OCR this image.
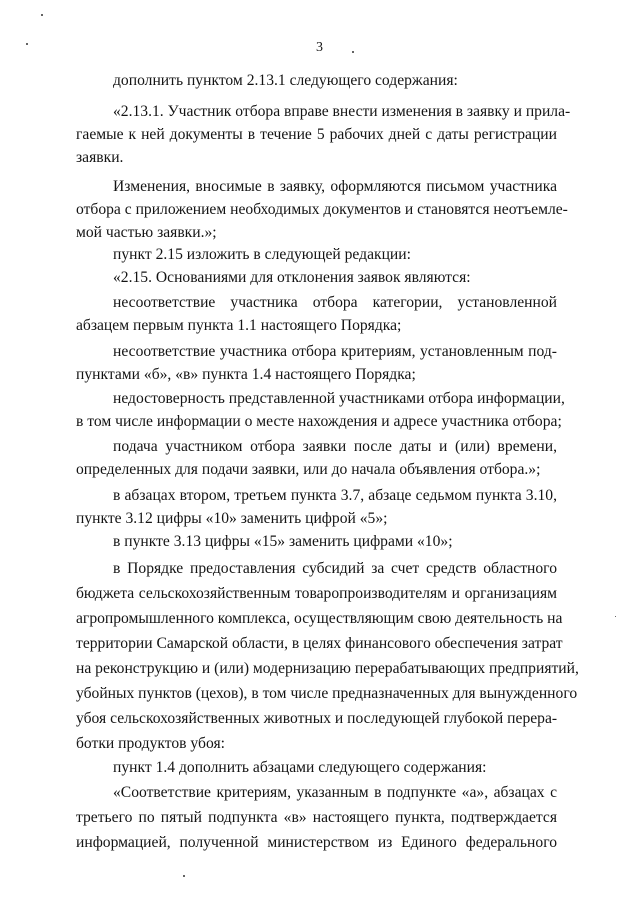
3
дополнить пунктом 2.13.1 следующего содержания:
«2.13.1. Участник отбора вправе внести изменения в заявку и прила-
гаемые к ней документы в течение 5 рабочих дней с даты регистрации
заявки.
Изменения, вносимые в заявку, оформляются письмом участника
отбора с приложением необходимых документов и становятся неотъемле-
мой частью заявки.»;
пункт 2.15 изложить в следующей редакции:
«2.15. Основаниями для отклонения заявок являются:
несоответствие участника отбора категории, установленной
абзацем первым пункта 1.1 настоящего Порядка;
несоответствие участника отбора критериям, установленным под-
пунктами «б», «в» пункта 1.4 настоящего Порядка;
недостоверность представленной участниками отбора информации,
в том числе информации о месте нахождения и адресе участника отбора;
подача участником отбора заявки после даты и (или) времени,
определенных для подачи заявки, или до начала объявления отбора.»;
в абзацах втором, третьем пункта 3.7, абзаце седьмом пункта 3.10,
пункте 3.12 цифры «10» заменить цифрой «5»;
в пункте 3.13 цифры «15» заменить цифрами «10»;
в Порядке предоставления субсидий за счет средств областного
бюджета сельскохозяйственным товаропроизводителям и организациям
агропромышленного комплекса, осуществляющим свою деятельность на
территории Самарской области, в целях финансового обеспечения затрат
на реконструкцию и (или) модернизацию перерабатывающих предприятий,
убойных пунктов (цехов), в том числе предназначенных для вынужденного
убоя сельскохозяйственных животных и последующей глубокой перера-
ботки продуктов убоя:
пункт 1.4 дополнить абзацами следующего содержания:
«Соответствие критериям, указанным в подпункте «а», абзацах с
третьего по пятый подпункта «в» настоящего пункта, подтверждается
информацией, полученной министерством из Единого федерального
